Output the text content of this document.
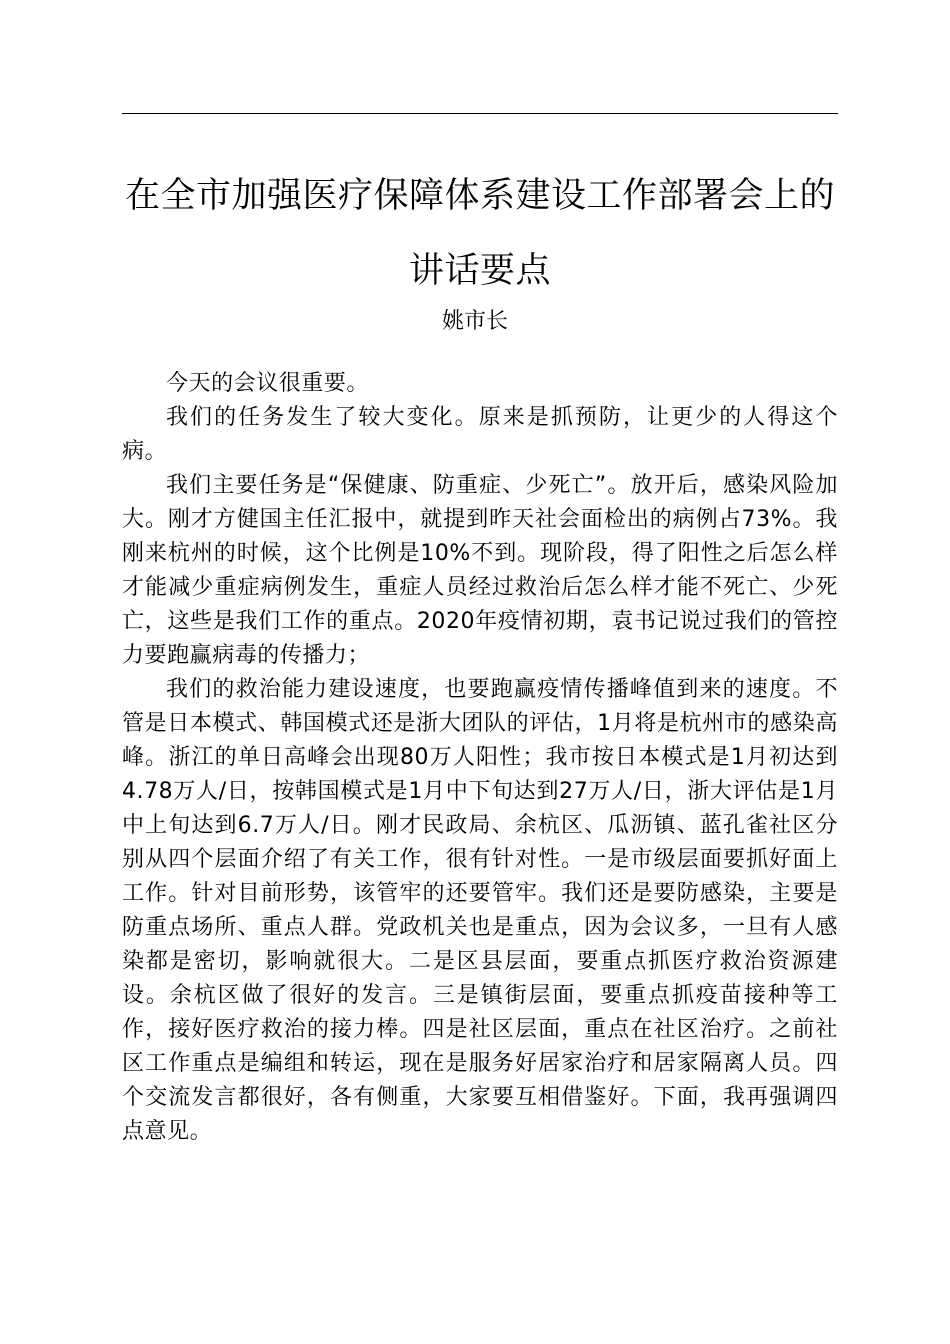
在全市加强医疗保障体系建设工作部署会上的
讲话要点
姚市长

今天的会议很重要。

我们的任务发生了较大变化。原来是抓预防，让更少的人得这个病。

我们主要任务是“保健康、防重症、少死亡”。放开后，感染风险加大。刚才方健国主任汇报中，就提到昨天社会面检出的病例占73%。我刚来杭州的时候，这个比例是10%不到。现阶段，得了阳性之后怎么样才能减少重症病例发生，重症人员经过救治后怎么样才能不死亡、少死亡，这些是我们工作的重点。2020年疫情初期，袁书记说过我们的管控力要跑赢病毒的传播力；

我们的救治能力建设速度，也要跑赢疫情传播峰值到来的速度。不管是日本模式、韩国模式还是浙大团队的评估，1月将是杭州市的感染高峰。浙江的单日高峰会出现80万人阳性；我市按日本模式是1月初达到4.78万人/日，按韩国模式是1月中下旬达到27万人/日，浙大评估是1月中上旬达到6.7万人/日。刚才民政局、余杭区、瓜沥镇、蓝孔雀社区分别从四个层面介绍了有关工作，很有针对性。一是市级层面要抓好面上工作。针对目前形势，该管牢的还要管牢。我们还是要防感染，主要是防重点场所、重点人群。党政机关也是重点，因为会议多，一旦有人感染都是密切，影响就很大。二是区县层面，要重点抓医疗救治资源建设。余杭区做了很好的发言。三是镇街层面，要重点抓疫苗接种等工作，接好医疗救治的接力棒。四是社区层面，重点在社区治疗。之前社区工作重点是编组和转运，现在是服务好居家治疗和居家隔离人员。四个交流发言都很好，各有侧重，大家要互相借鉴好。下面，我再强调四点意见。
